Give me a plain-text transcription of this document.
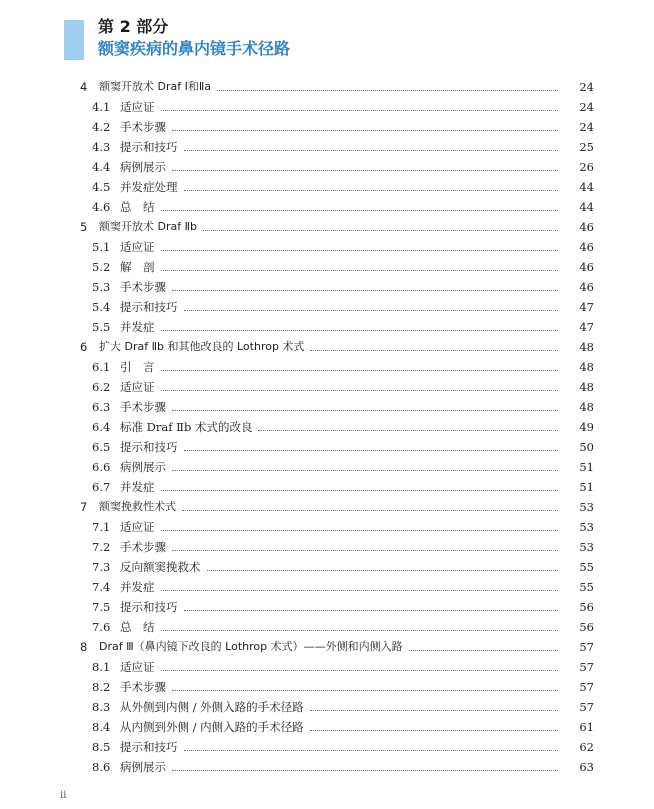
第 2 部分
额窦疾病的鼻内镜手术径路
4 额窦开放术 Draf Ⅰ和Ⅱa	24
4.1 适应证	24
4.2 手术步骤	24
4.3 提示和技巧	25
4.4 病例展示	26
4.5 并发症处理	44
4.6 总　结	44
5 额窦开放术 Draf Ⅱb	46
5.1 适应证	46
5.2 解　剖	46
5.3 手术步骤	46
5.4 提示和技巧	47
5.5 并发症	47
6 扩大 Draf Ⅱb 和其他改良的 Lothrop 术式	48
6.1 引　言	48
6.2 适应证	48
6.3 手术步骤	48
6.4 标准 Draf Ⅱb 术式的改良	49
6.5 提示和技巧	50
6.6 病例展示	51
6.7 并发症	51
7 额窦挽救性术式	53
7.1 适应证	53
7.2 手术步骤	53
7.3 反向额窦挽救术	55
7.4 并发症	55
7.5 提示和技巧	56
7.6 总　结	56
8 Draf Ⅲ（鼻内镜下改良的 Lothrop 术式）——外侧和内侧入路	57
8.1 适应证	57
8.2 手术步骤	57
8.3 从外侧到内侧 / 外侧入路的手术径路	57
8.4 从内侧到外侧 / 内侧入路的手术径路	61
8.5 提示和技巧	62
8.6 病例展示	63
ii
